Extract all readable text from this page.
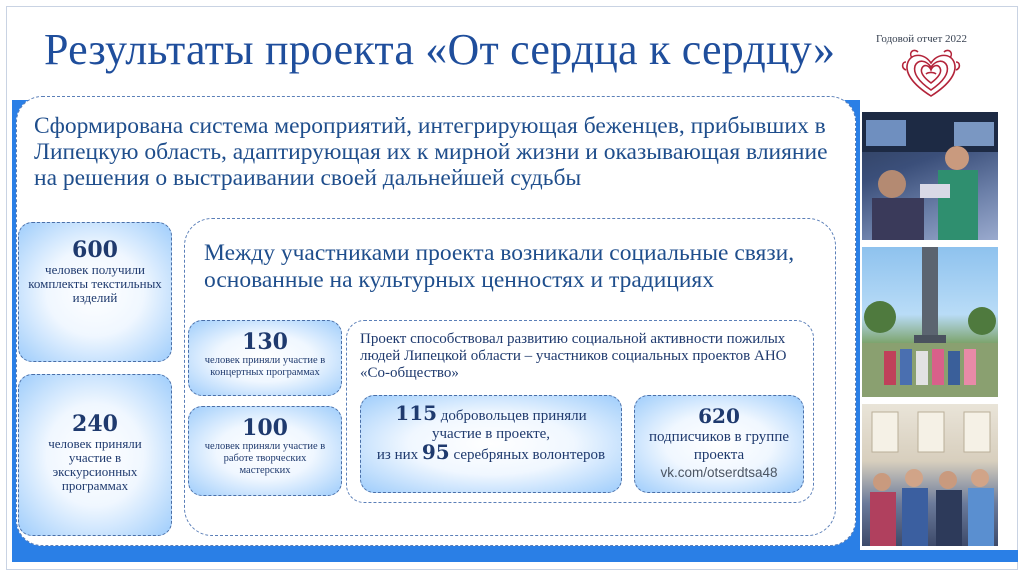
Результаты проекта «От сердца к сердцу»	Годовой отчет 2022
Сформирована система мероприятий, интегрирующая беженцев, прибывших в Липецкую область, адаптирующая их к мирной жизни и оказывающая влияние на решения о выстраивании своей дальнейшей судьбы
600
человек получили комплекты текстильных изделий
240
человек приняли участие в экскурсионных программах
Между участниками проекта возникали социальные связи, основанные на культурных ценностях и традициях
130
человек приняли участие в концертных программах
100
человек приняли участие в работе творческих мастерских
Проект способствовал развитию социальной активности пожилых людей Липецкой области – участников социальных проектов АНО «Со-общество»
115 добровольцев приняли участие в проекте,
из них 95 серебряных волонтеров
620
подписчиков в группе проекта
vk.com/otserdtsa48
